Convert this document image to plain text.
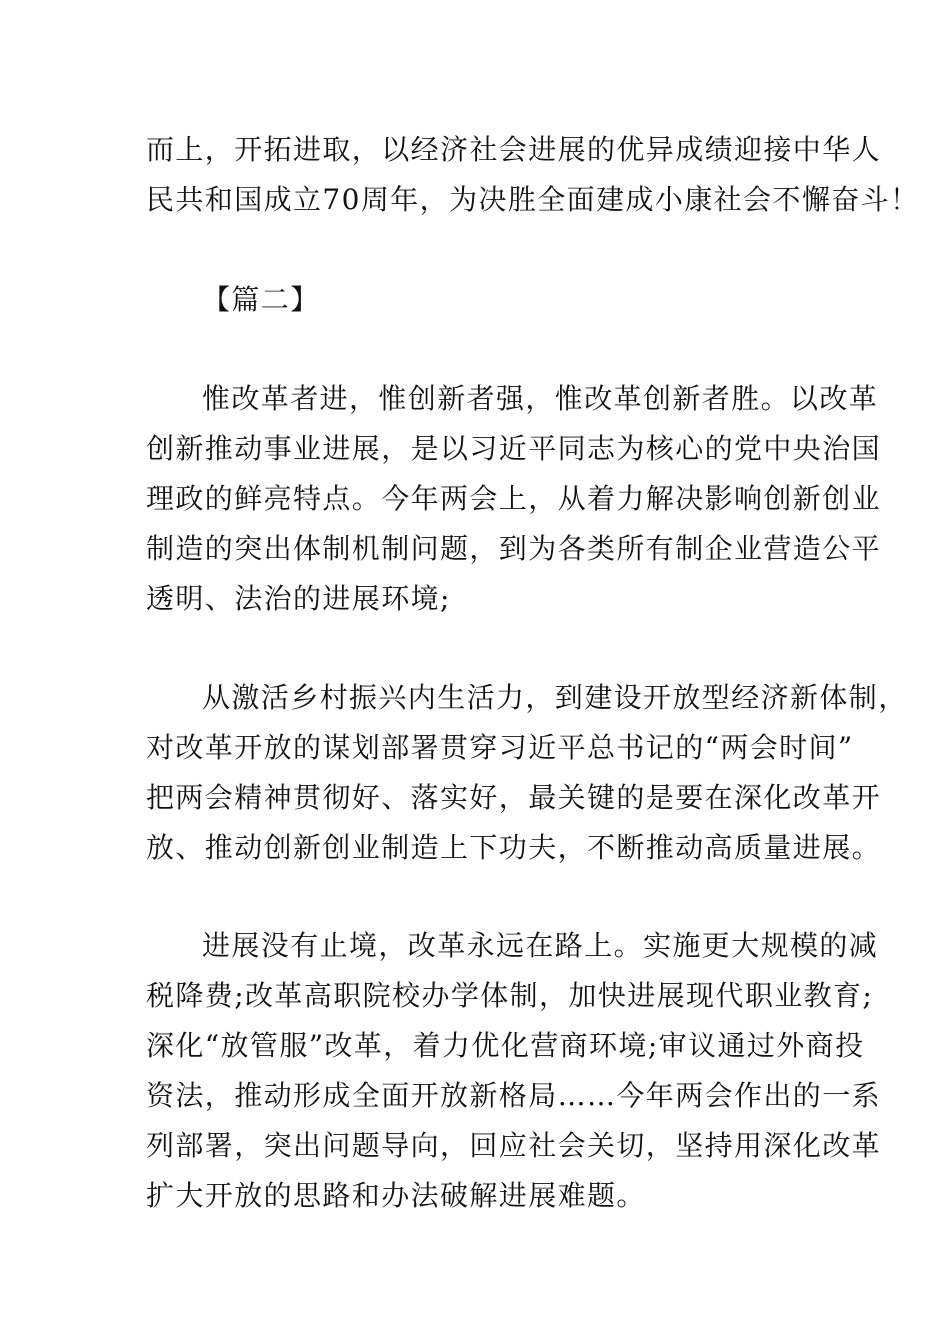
而上，开拓进取，以经济社会进展的优异成绩迎接中华人
民共和国成立70周年，为决胜全面建成小康社会不懈奋斗！
【篇二】
惟改革者进，惟创新者强，惟改革创新者胜。以改革
创新推动事业进展，是以习近平同志为核心的党中央治国
理政的鲜亮特点。今年两会上，从着力解决影响创新创业
制造的突出体制机制问题，到为各类所有制企业营造公平
透明、法治的进展环境;
从激活乡村振兴内生活力，到建设开放型经济新体制，
对改革开放的谋划部署贯穿习近平总书记的“两会时间”
把两会精神贯彻好、落实好，最关键的是要在深化改革开
放、推动创新创业制造上下功夫，不断推动高质量进展。
进展没有止境，改革永远在路上。实施更大规模的减
税降费;改革高职院校办学体制，加快进展现代职业教育;
深化“放管服”改革，着力优化营商环境;审议通过外商投
资法，推动形成全面开放新格局……今年两会作出的一系
列部署，突出问题导向，回应社会关切，坚持用深化改革
扩大开放的思路和办法破解进展难题。
